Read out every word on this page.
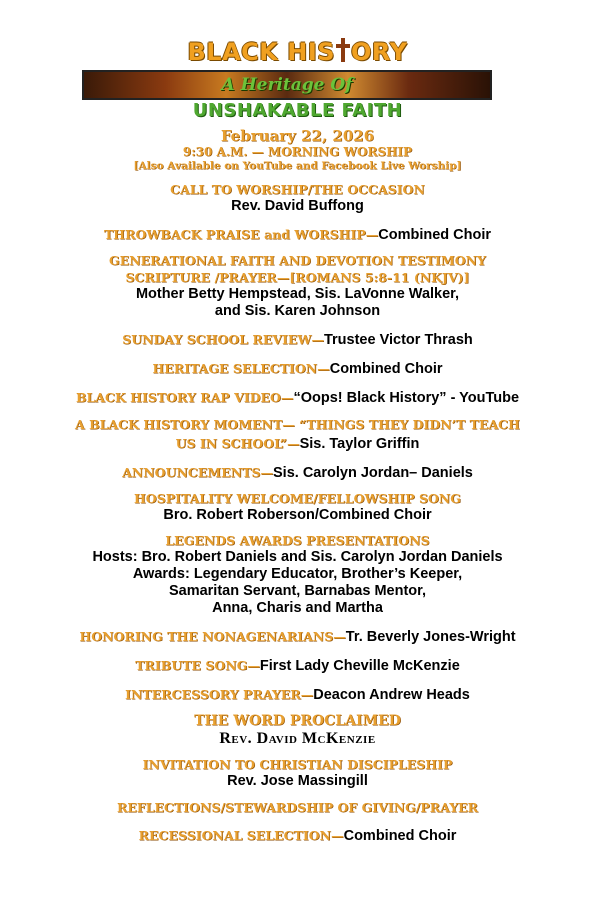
BLACK HIS ORY
A Heritage Of
UNSHAKABLE FAITH
February 22, 2026
9:30 A.M. — MORNING WORSHIP
[Also Available on YouTube and Facebook Live Worship]
CALL TO WORSHIP/THE OCCASION
Rev. David Buffong
THROWBACK PRAISE and WORSHIP—Combined Choir
GENERATIONAL FAITH AND DEVOTION TESTIMONY
SCRIPTURE /PRAYER—[ROMANS 5:8-11 (NKJV)]
Mother Betty Hempstead, Sis. LaVonne Walker,
and Sis. Karen Johnson
SUNDAY SCHOOL REVIEW—Trustee Victor Thrash
HERITAGE SELECTION—Combined Choir
BLACK HISTORY RAP VIDEO—“Oops! Black History” - YouTube
A BLACK HISTORY MOMENT— “THINGS THEY DIDN’T TEACH
US IN SCHOOL”—Sis. Taylor Griffin
ANNOUNCEMENTS—Sis. Carolyn Jordan– Daniels
HOSPITALITY WELCOME/FELLOWSHIP SONG
Bro. Robert Roberson/Combined Choir
LEGENDS AWARDS PRESENTATIONS
Hosts: Bro. Robert Daniels and Sis. Carolyn Jordan Daniels
Awards: Legendary Educator, Brother’s Keeper,
Samaritan Servant, Barnabas Mentor,
Anna, Charis and Martha
HONORING THE NONAGENARIANS—Tr. Beverly Jones-Wright
TRIBUTE SONG—First Lady Cheville McKenzie
INTERCESSORY PRAYER—Deacon Andrew Heads
THE WORD PROCLAIMED
Rev. David McKenzie
INVITATION TO CHRISTIAN DISCIPLESHIP
Rev. Jose Massingill
REFLECTIONS/STEWARDSHIP OF GIVING/PRAYER
RECESSIONAL SELECTION—Combined Choir
